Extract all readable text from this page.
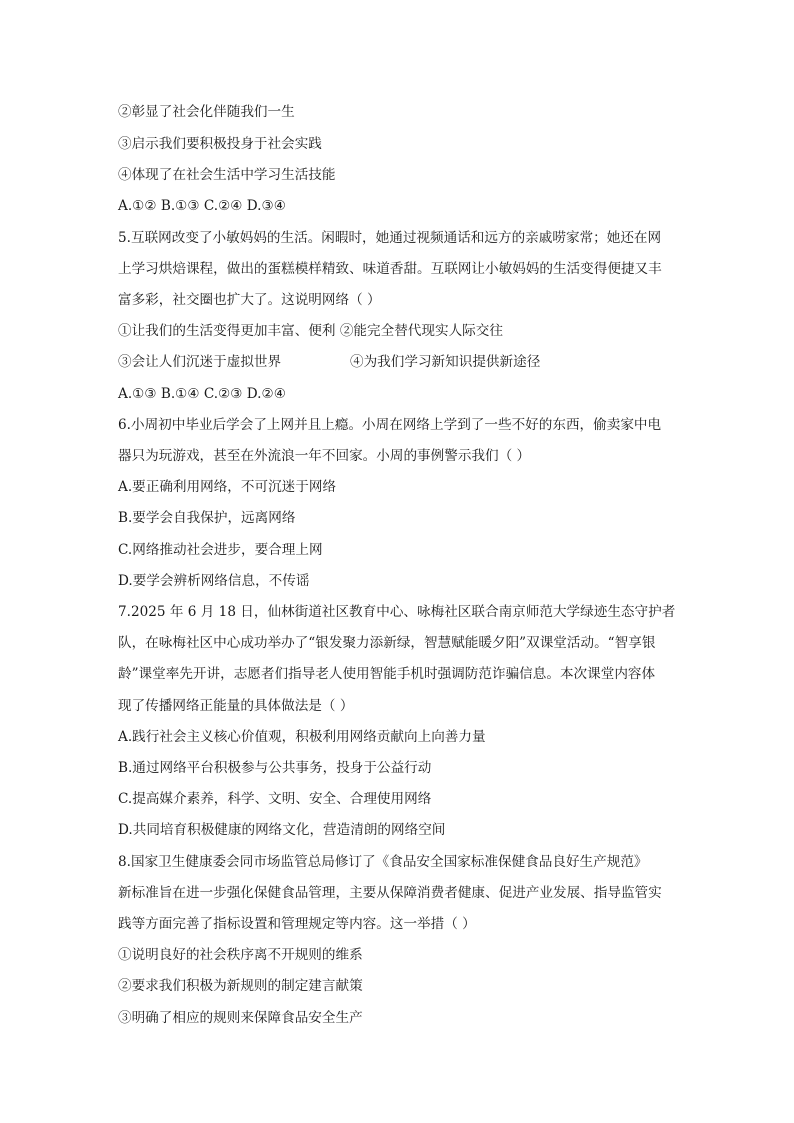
②彰显了社会化伴随我们一生
③启示我们要积极投身于社会实践
④体现了在社会生活中学习生活技能
A.①② B.①③ C.②④ D.③④
5.互联网改变了小敏妈妈的生活。闲暇时，她通过视频通话和远方的亲戚唠家常；她还在网
上学习烘焙课程，做出的蛋糕模样精致、味道香甜。互联网让小敏妈妈的生活变得便捷又丰
富多彩，社交圈也扩大了。这说明网络（ ）
①让我们的生活变得更加丰富、便利 ②能完全替代现实人际交往
③会让人们沉迷于虚拟世界	④为我们学习新知识提供新途径
A.①③ B.①④ C.②③ D.②④
6.小周初中毕业后学会了上网并且上瘾。小周在网络上学到了一些不好的东西，偷卖家中电
器只为玩游戏，甚至在外流浪一年不回家。小周的事例警示我们（ ）
A.要正确利用网络，不可沉迷于网络
B.要学会自我保护，远离网络
C.网络推动社会进步，要合理上网
D.要学会辨析网络信息，不传谣
7.2025 年 6 月 18 日，仙林街道社区教育中心、咏梅社区联合南京师范大学绿迹生态守护者
队，在咏梅社区中心成功举办了“银发聚力添新绿，智慧赋能暖夕阳”双课堂活动。“智享银
龄”课堂率先开讲，志愿者们指导老人使用智能手机时强调防范诈骗信息。本次课堂内容体
现了传播网络正能量的具体做法是（ ）
A.践行社会主义核心价值观，积极利用网络贡献向上向善力量
B.通过网络平台积极参与公共事务，投身于公益行动
C.提高媒介素养，科学、文明、安全、合理使用网络
D.共同培育积极健康的网络文化，营造清朗的网络空间
8.国家卫生健康委会同市场监管总局修订了《食品安全国家标准保健食品良好生产规范》
新标准旨在进一步强化保健食品管理，主要从保障消费者健康、促进产业发展、指导监管实
践等方面完善了指标设置和管理规定等内容。这一举措（ ）
①说明良好的社会秩序离不开规则的维系
②要求我们积极为新规则的制定建言献策
③明确了相应的规则来保障食品安全生产
